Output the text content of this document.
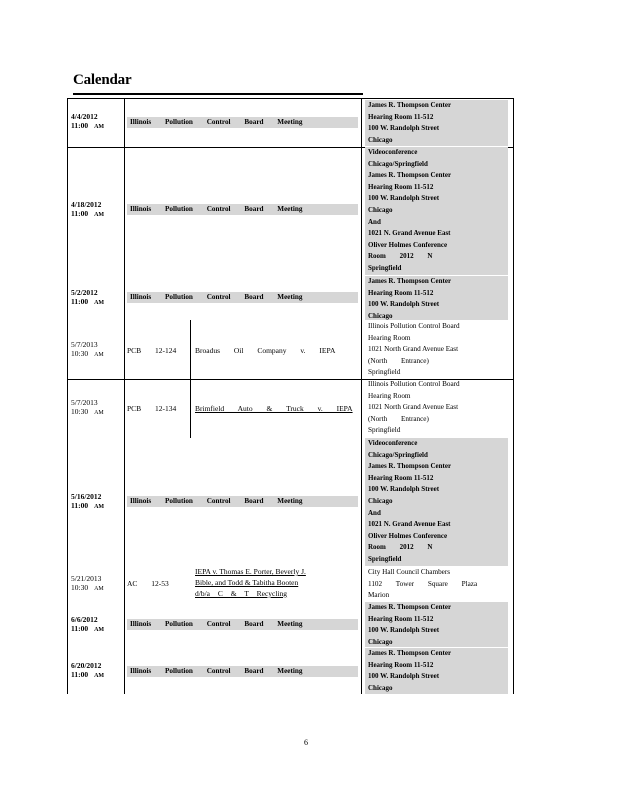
Calendar
4/4/2012
11:00 AM
Illinois Pollution Control Board Meeting
James R. Thompson Center
Hearing Room 11-512
100 W. Randolph Street
Chicago
4/18/2012
11:00 AM
Illinois Pollution Control Board Meeting
Videoconference
Chicago/Springfield
James R. Thompson Center
Hearing Room 11-512
100 W. Randolph Street
Chicago
And
1021 N. Grand Avenue East
Oliver Holmes Conference
Room 2012 N
Springfield
5/2/2012
11:00 AM
Illinois Pollution Control Board Meeting
James R. Thompson Center
Hearing Room 11-512
100 W. Randolph Street
Chicago
5/7/2013
10:30 AM	PCB 12-124 Broadus Oil Company v. IEPA
Illinois Pollution Control Board
Hearing Room
1021 North Grand Avenue East
(North Entrance)
Springfield
5/7/2013
10:30 AM	PCB 12-134 Brimfield Auto & Truck v. IEPA
Illinois Pollution Control Board
Hearing Room
1021 North Grand Avenue East
(North Entrance)
Springfield
5/16/2012
11:00 AM
Illinois Pollution Control Board Meeting
Videoconference
Chicago/Springfield
James R. Thompson Center
Hearing Room 11-512
100 W. Randolph Street
Chicago
And
1021 N. Grand Avenue East
Oliver Holmes Conference
Room 2012 N
Springfield
5/21/2013
10:30 AM
AC 12-53
IEPA v. Thomas E. Porter, Beverly J.
Bible, and Todd & Tabitha Booten
d/b/a C & T Recycling
City Hall Council Chambers
1102 Tower Square Plaza
Marion
6/6/2012
11:00 AM
Illinois Pollution Control Board Meeting
James R. Thompson Center
Hearing Room 11-512
100 W. Randolph Street
Chicago
6/20/2012
11:00 AM
Illinois Pollution Control Board Meeting
James R. Thompson Center
Hearing Room 11-512
100 W. Randolph Street
Chicago
6
